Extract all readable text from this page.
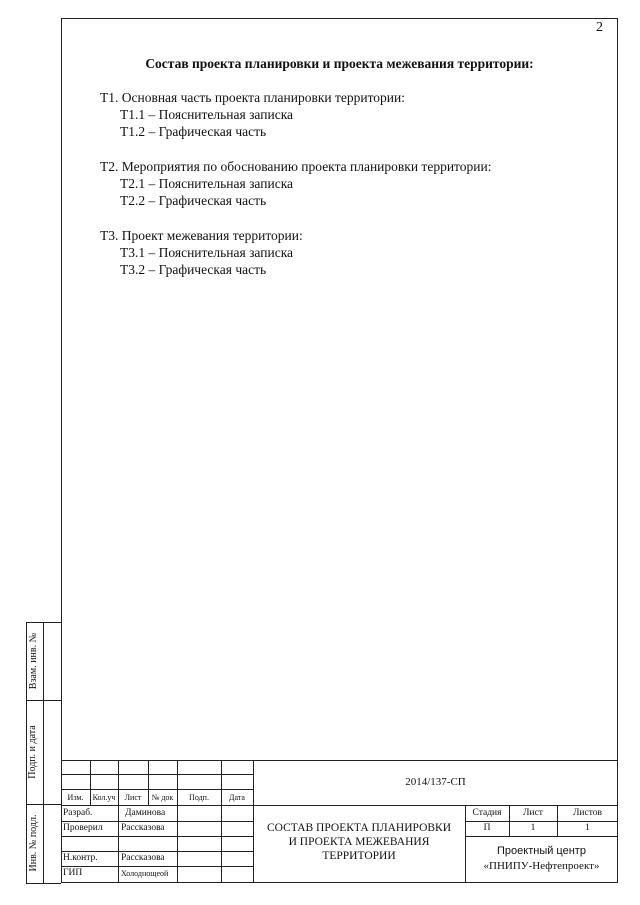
2
Состав проекта планировки и проекта межевания территории:
Т1. Основная часть проекта планировки территории:
Т1.1 – Пояснительная записка
Т1.2 – Графическая часть
Т2. Мероприятия по обоснованию проекта планировки территории:
Т2.1 – Пояснительная записка
Т2.2 – Графическая часть
Т3. Проект межевания территории:
Т3.1 – Пояснительная записка
Т3.2 – Графическая часть
Взам. инв. №
Подп. и дата
Инв. № подл.
Изм.	Кол.уч	Лист	№ док	Подп.	Дата
2014/137-СП
Разраб.	Даминова
Проверил Рассказова
Н.контр. Рассказова
ГИП	Холоднощеой
СОСТАВ ПРОЕКТА ПЛАНИРОВКИ
И ПРОЕКТА МЕЖЕВАНИЯ
ТЕРРИТОРИИ
Стадия	Лист	Листов
П	1	1
Проектный центр
«ПНИПУ-Нефтепроект»
